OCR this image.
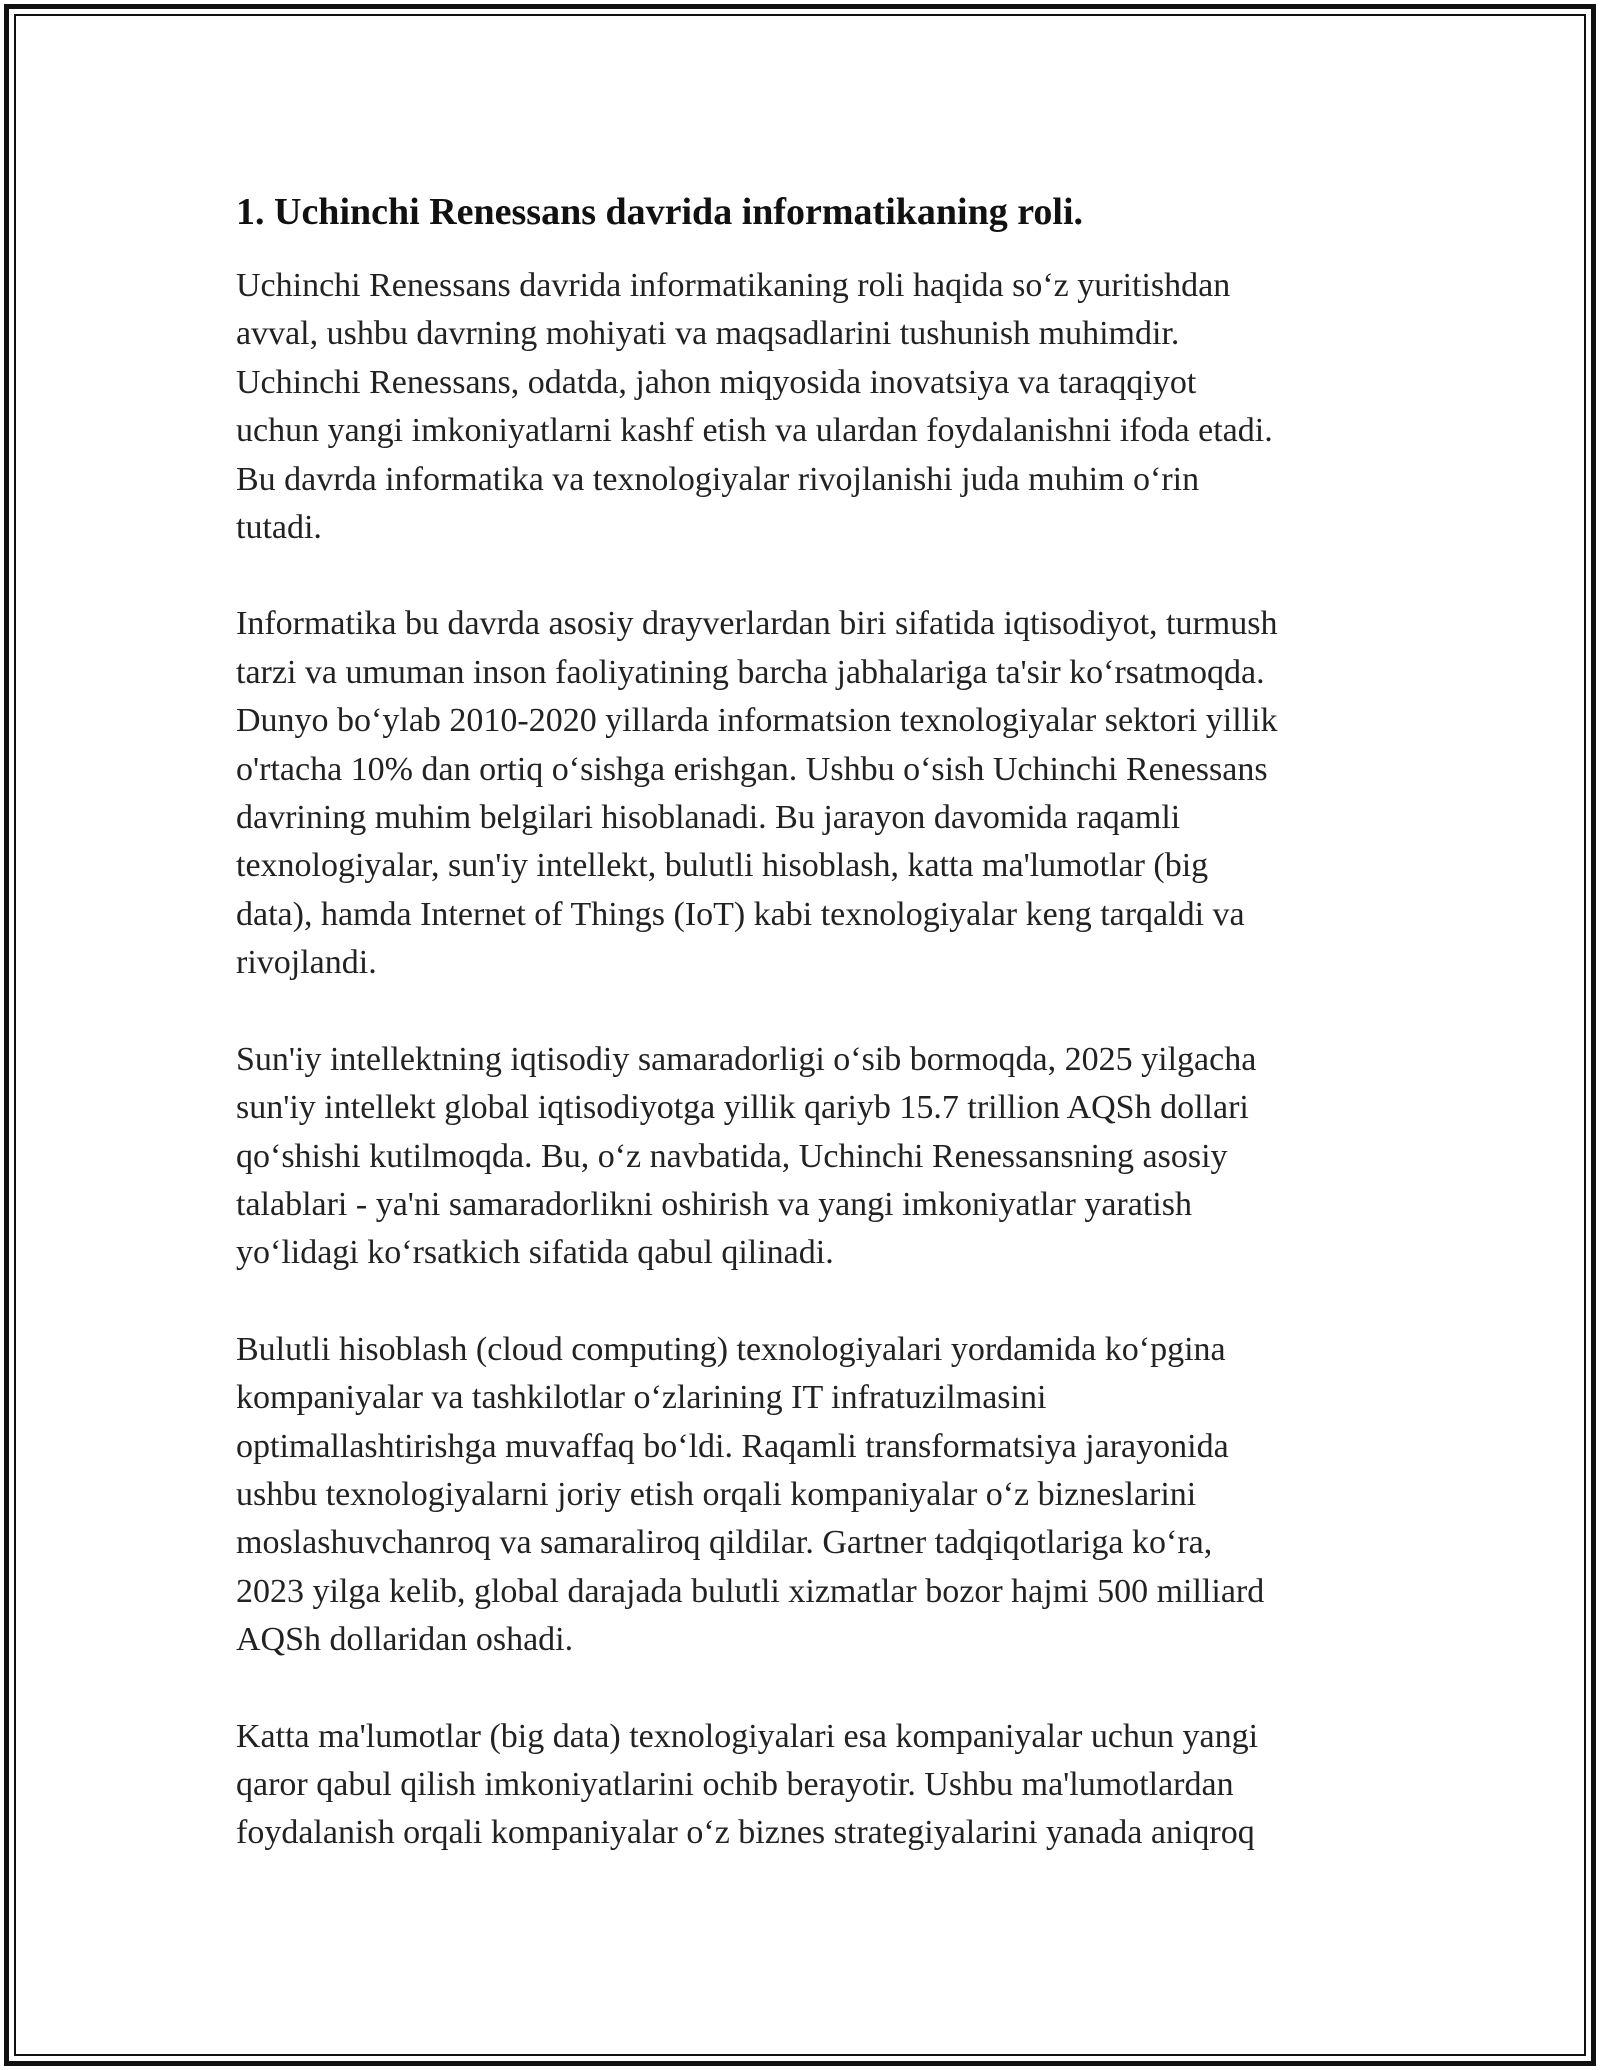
1. Uchinchi Renessans davrida informatikaning roli.

Uchinchi Renessans davrida informatikaning roli haqida so‘z yuritishdan
avval, ushbu davrning mohiyati va maqsadlarini tushunish muhimdir.
Uchinchi Renessans, odatda, jahon miqyosida inovatsiya va taraqqiyot
uchun yangi imkoniyatlarni kashf etish va ulardan foydalanishni ifoda etadi.
Bu davrda informatika va texnologiyalar rivojlanishi juda muhim o‘rin
tutadi.

Informatika bu davrda asosiy drayverlardan biri sifatida iqtisodiyot, turmush
tarzi va umuman inson faoliyatining barcha jabhalariga ta'sir ko‘rsatmoqda.
Dunyo bo‘ylab 2010-2020 yillarda informatsion texnologiyalar sektori yillik
o'rtacha 10% dan ortiq o‘sishga erishgan. Ushbu o‘sish Uchinchi Renessans
davrining muhim belgilari hisoblanadi. Bu jarayon davomida raqamli
texnologiyalar, sun'iy intellekt, bulutli hisoblash, katta ma'lumotlar (big
data), hamda Internet of Things (IoT) kabi texnologiyalar keng tarqaldi va
rivojlandi.

Sun'iy intellektning iqtisodiy samaradorligi o‘sib bormoqda, 2025 yilgacha
sun'iy intellekt global iqtisodiyotga yillik qariyb 15.7 trillion AQSh dollari
qo‘shishi kutilmoqda. Bu, o‘z navbatida, Uchinchi Renessansning asosiy
talablari - ya'ni samaradorlikni oshirish va yangi imkoniyatlar yaratish
yo‘lidagi ko‘rsatkich sifatida qabul qilinadi.

Bulutli hisoblash (cloud computing) texnologiyalari yordamida ko‘pgina
kompaniyalar va tashkilotlar o‘zlarining IT infratuzilmasini
optimallashtirishga muvaffaq bo‘ldi. Raqamli transformatsiya jarayonida
ushbu texnologiyalarni joriy etish orqali kompaniyalar o‘z bizneslarini
moslashuvchanroq va samaraliroq qildilar. Gartner tadqiqotlariga ko‘ra,
2023 yilga kelib, global darajada bulutli xizmatlar bozor hajmi 500 milliard
AQSh dollaridan oshadi.

Katta ma'lumotlar (big data) texnologiyalari esa kompaniyalar uchun yangi
qaror qabul qilish imkoniyatlarini ochib berayotir. Ushbu ma'lumotlardan
foydalanish orqali kompaniyalar o‘z biznes strategiyalarini yanada aniqroq
